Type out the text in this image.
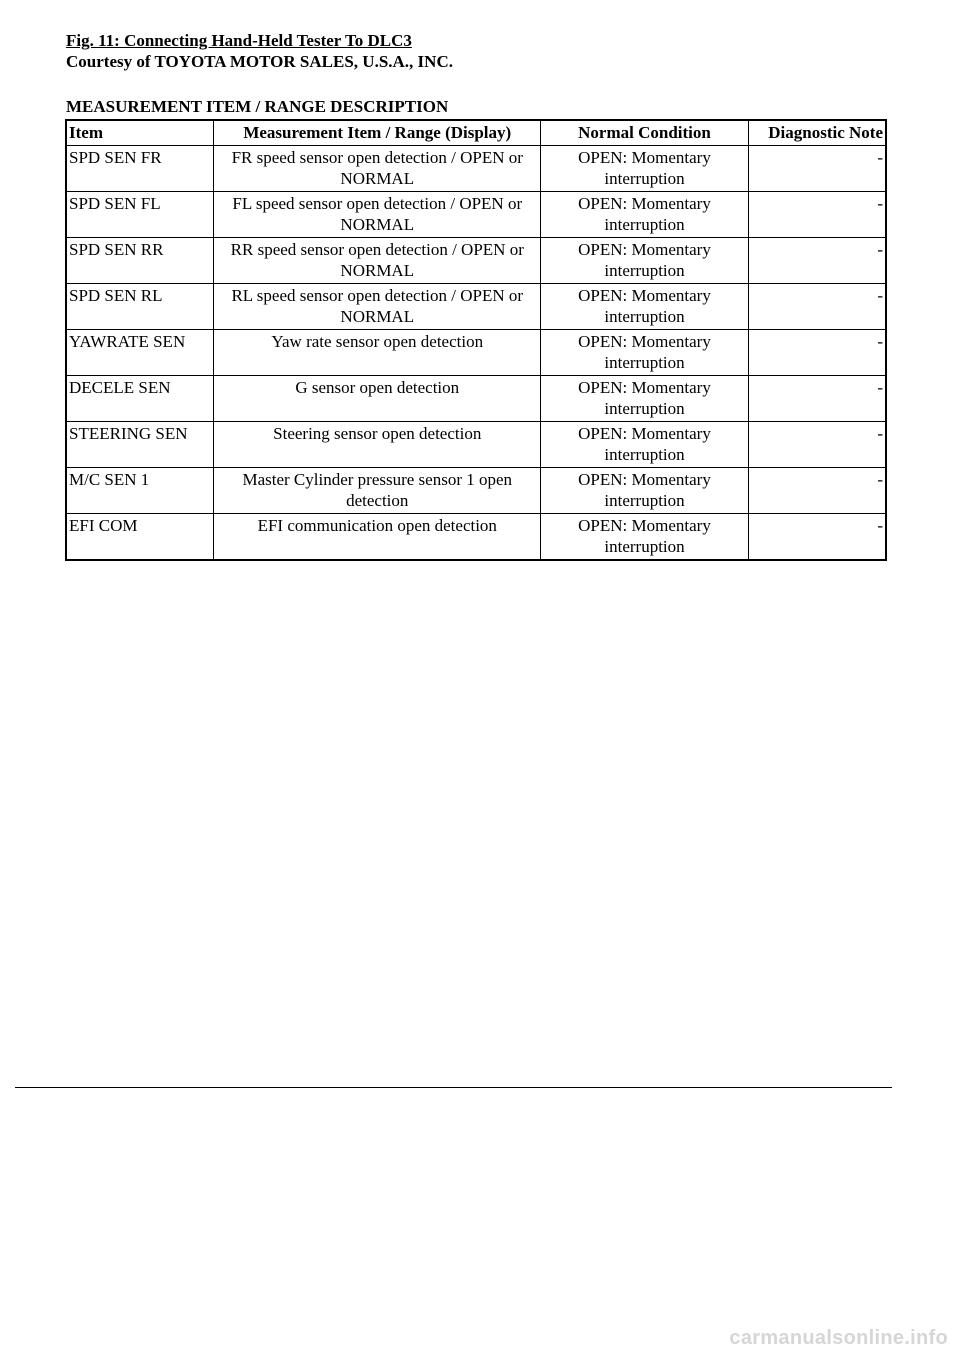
Fig. 11: Connecting Hand-Held Tester To DLC3
Courtesy of TOYOTA MOTOR SALES, U.S.A., INC.
MEASUREMENT ITEM / RANGE DESCRIPTION
Item	Measurement Item / Range (Display)	Normal Condition	Diagnostic Note
SPD SEN FR	FR speed sensor open detection / OPEN or NORMAL	OPEN: Momentary interruption	-
SPD SEN FL	FL speed sensor open detection / OPEN or NORMAL	OPEN: Momentary interruption	-
SPD SEN RR	RR speed sensor open detection / OPEN or NORMAL	OPEN: Momentary interruption	-
SPD SEN RL	RL speed sensor open detection / OPEN or NORMAL	OPEN: Momentary interruption	-
YAWRATE SEN	Yaw rate sensor open detection	OPEN: Momentary interruption	-
DECELE SEN	G sensor open detection	OPEN: Momentary interruption	-
STEERING SEN	Steering sensor open detection	OPEN: Momentary interruption	-
M/C SEN 1	Master Cylinder pressure sensor 1 open detection	OPEN: Momentary interruption	-
EFI COM	EFI communication open detection	OPEN: Momentary interruption	-
carmanualsonline.info
